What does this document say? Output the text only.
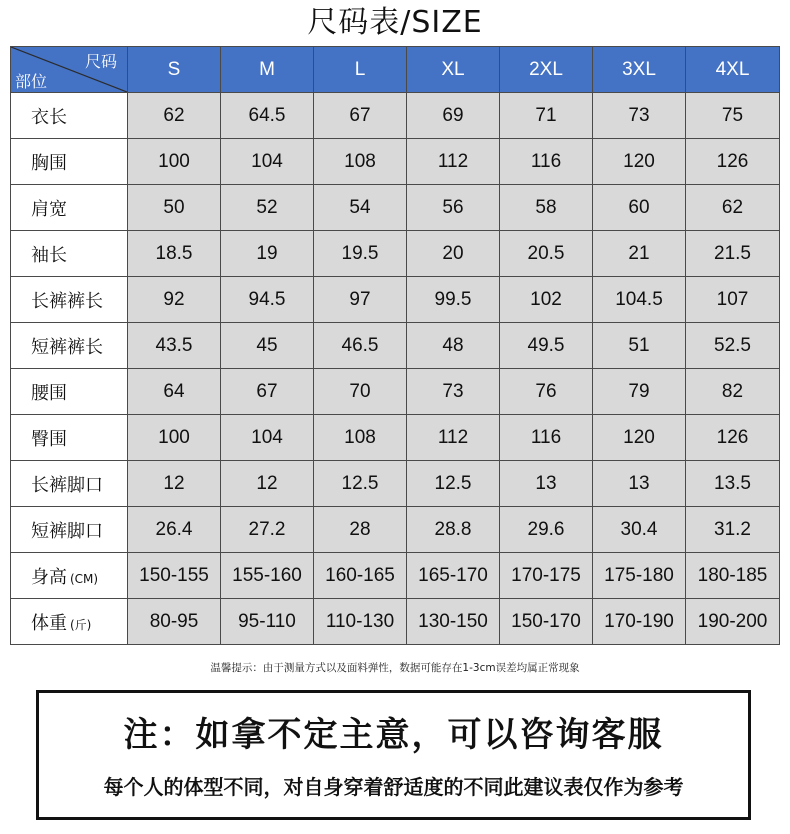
尺码表/SIZE
尺码
部位	S	M	L	XL	2XL	3XL	4XL
衣长	62	64.5	67	69	71	73	75
胸围	100	104	108	112	116	120	126
肩宽	50	52	54	56	58	60	62
袖长	18.5	19	19.5	20	20.5	21	21.5
长裤裤长	92	94.5	97	99.5	102	104.5	107
短裤裤长	43.5	45	46.5	48	49.5	51	52.5
腰围	64	67	70	73	76	79	82
臀围	100	104	108	112	116	120	126
长裤脚口	12	12	12.5	12.5	13	13	13.5
短裤脚口	26.4	27.2	28	28.8	29.6	30.4	31.2
身高 (CM)	150-155	155-160	160-165	165-170	170-175	175-180	180-185
体重 (斤)	80-95	95-110	110-130	130-150	150-170	170-190	190-200
温馨提示：由于测量方式以及面料弹性，数据可能存在1-3cm误差均属正常现象
注：如拿不定主意，可以咨询客服
每个人的体型不同，对自身穿着舒适度的不同此建议表仅作为参考
